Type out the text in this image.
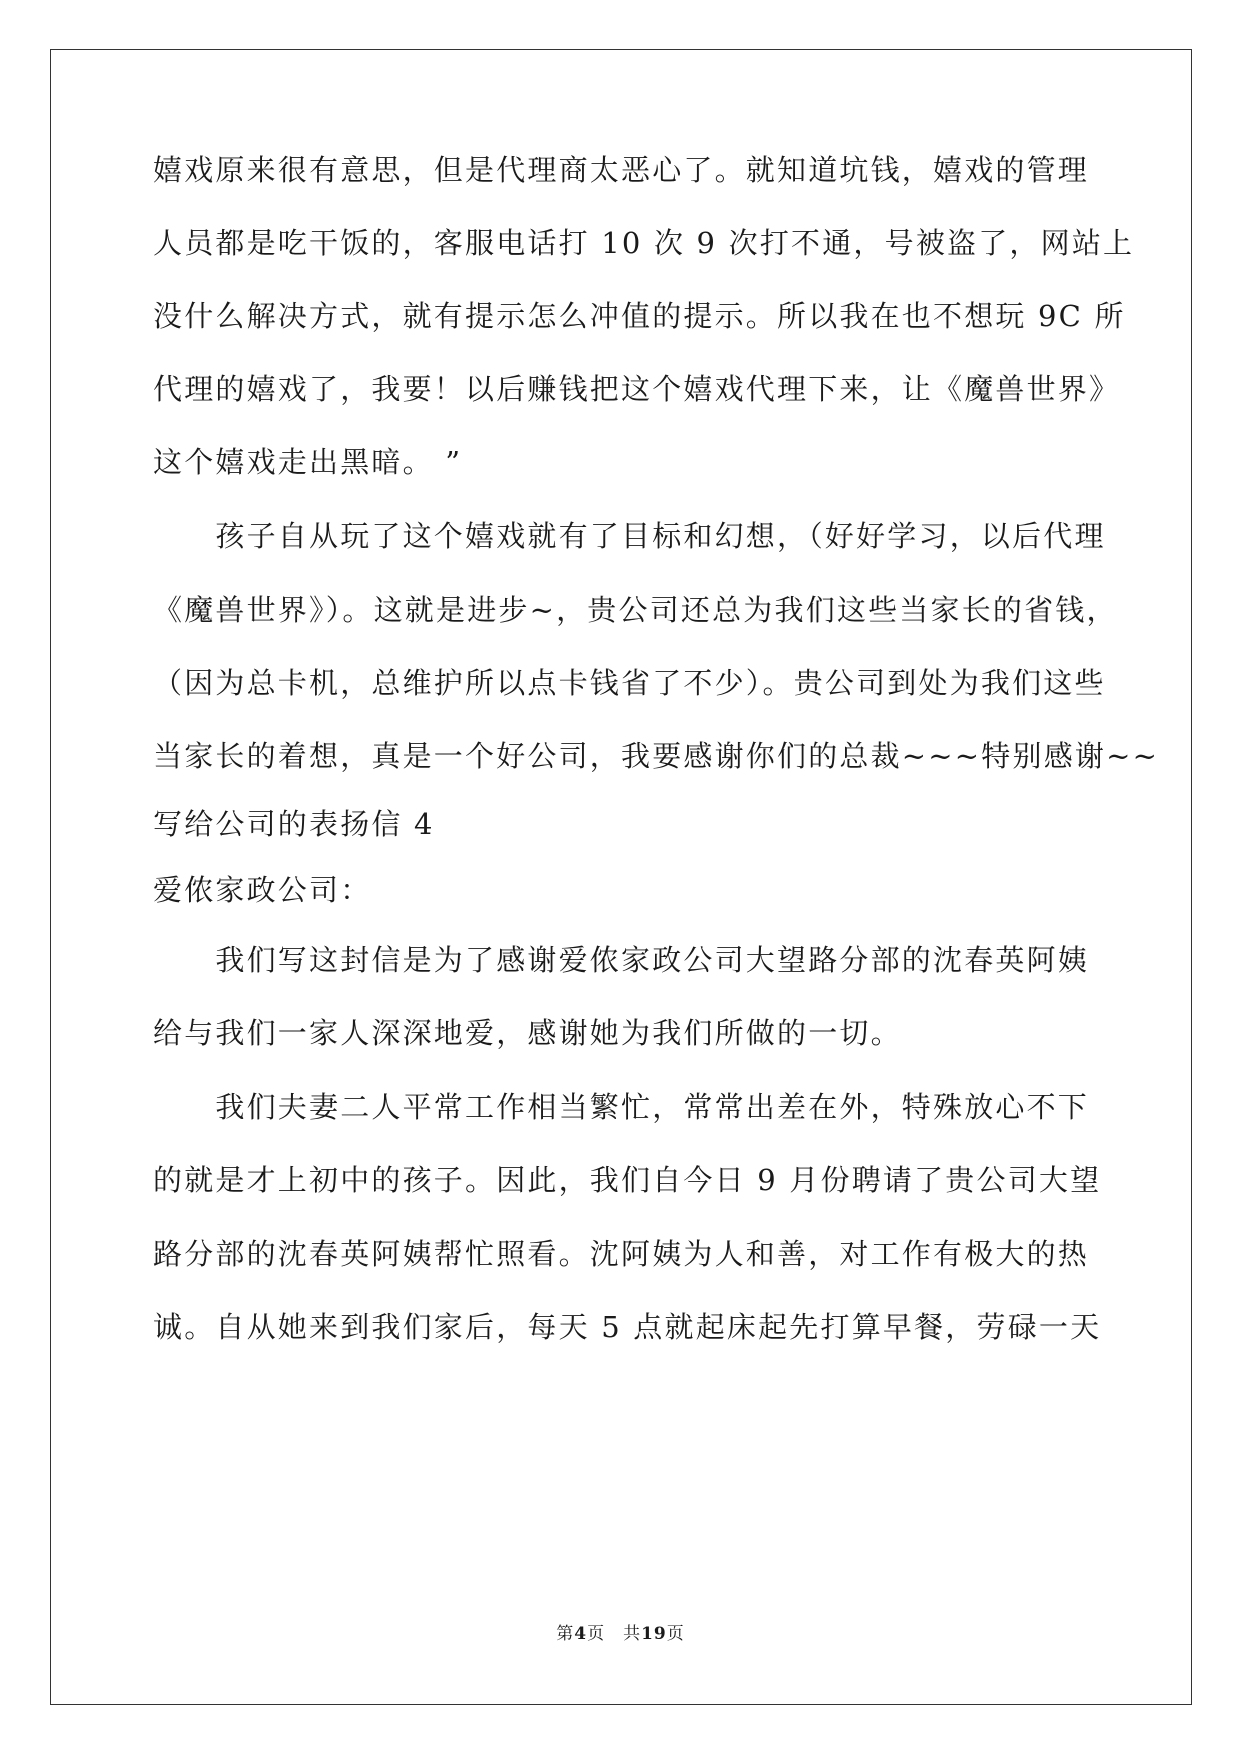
嬉戏原来很有意思，但是代理商太恶心了。就知道坑钱，嬉戏的管理
人员都是吃干饭的，客服电话打 10 次 9 次打不通，号被盗了，网站上
没什么解决方式，就有提示怎么冲值的提示。所以我在也不想玩 9C 所
代理的嬉戏了，我要！以后赚钱把这个嬉戏代理下来，让《魔兽世界》
这个嬉戏走出黑暗。 ”
　　孩子自从玩了这个嬉戏就有了目标和幻想，（好好学习，以后代理
《魔兽世界》）。这就是进步~，贵公司还总为我们这些当家长的省钱，
（因为总卡机，总维护所以点卡钱省了不少）。贵公司到处为我们这些
当家长的着想，真是一个好公司，我要感谢你们的总裁~~~特别感谢~~
写给公司的表扬信 4
爱侬家政公司：
　　我们写这封信是为了感谢爱侬家政公司大望路分部的沈春英阿姨
给与我们一家人深深地爱，感谢她为我们所做的一切。
　　我们夫妻二人平常工作相当繁忙，常常出差在外，特殊放心不下
的就是才上初中的孩子。因此，我们自今日 9 月份聘请了贵公司大望
路分部的沈春英阿姨帮忙照看。沈阿姨为人和善，对工作有极大的热
诚。自从她来到我们家后，每天 5 点就起床起先打算早餐，劳碌一天
第4页　共19页
